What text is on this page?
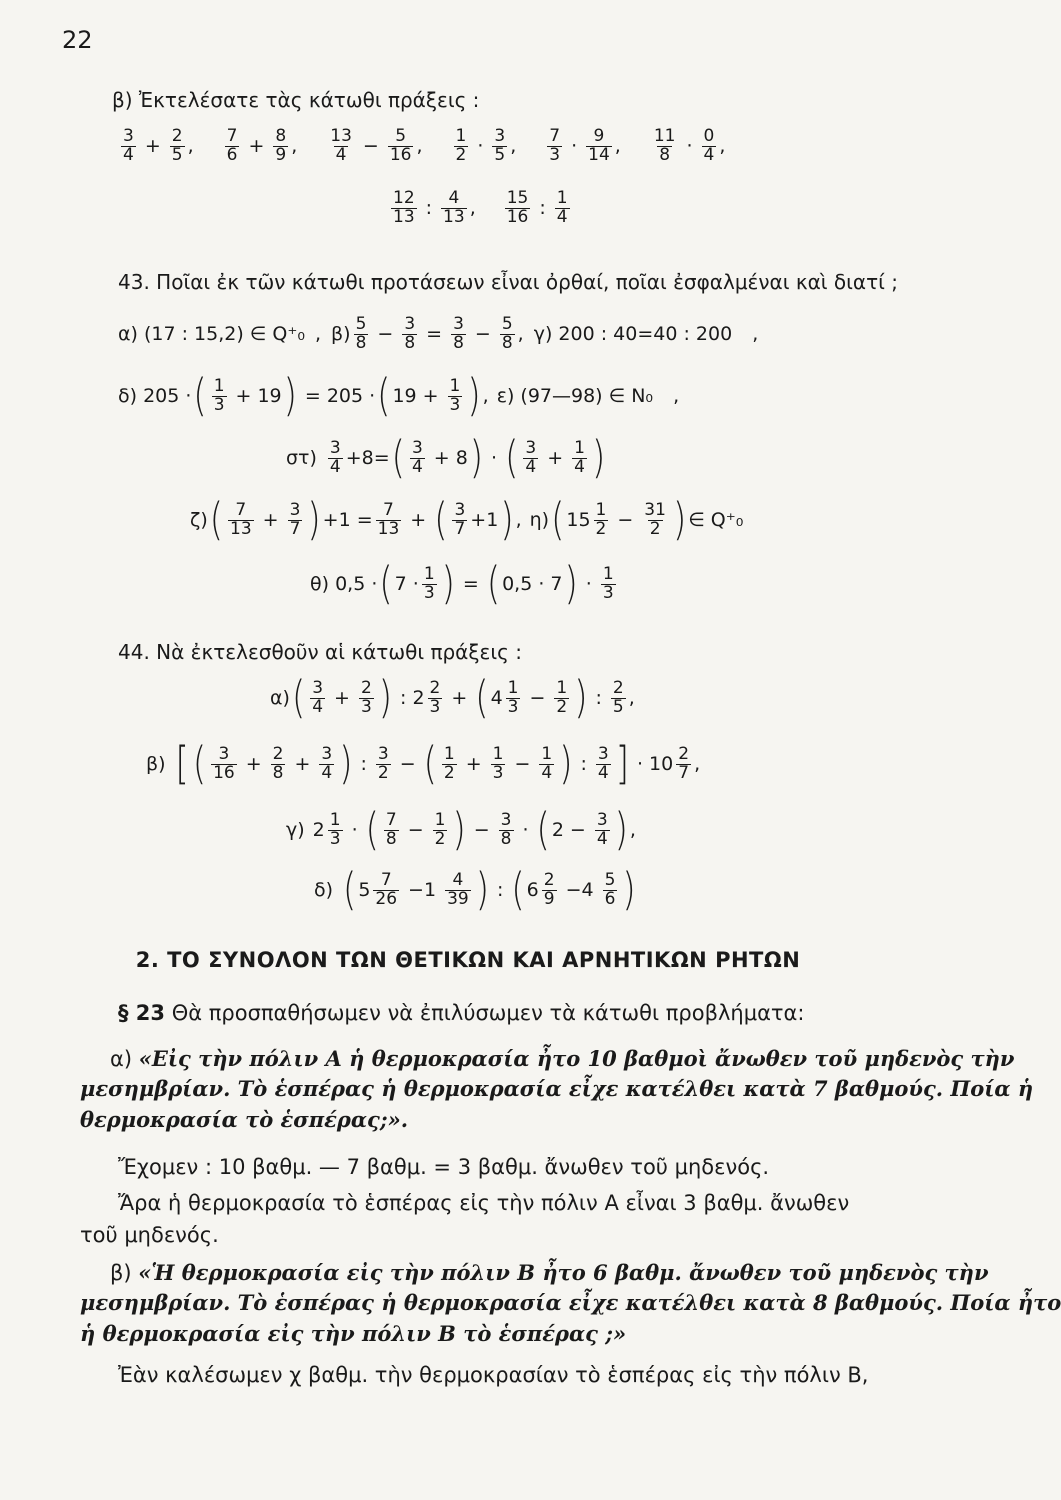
22
β) Ἐκτελέσατε τὰς κάτωθι πράξεις :
$\frac{3}{4} + \frac{2}{5}$ , $\frac{7}{6} + \frac{8}{9}$ , $\frac{13}{4} - \frac{5}{16}$ , $\frac{1}{2} \cdot \frac{3}{5}$ , $\frac{7}{3} \cdot \frac{9}{14}$ , $\frac{11}{8} \cdot \frac{0}{4}$ ,
$\frac{12}{13}$ : $\frac{4}{13}$ , $\frac{15}{16}$ : $\frac{1}{4}$
43. Ποῖαι ἐκ τῶν κάτωθι προτάσεων εἶναι ὀρθαί, ποῖαι ἐσφαλμέναι καὶ διατί ;
α) (17 : 15,2) ∈ Q⁺₀ , $\beta) \frac{5}{8} - \frac{3}{8} = \frac{3}{8} - \frac{5}{8}$ , γ) 200 : 40=40 : 200 ,
δ) 205 · ( $\frac{1}{3} + 19$ ) = 205 · ( $19 + \frac{1}{3}$ ) , ε) (97—98) ∈ N₀ ,
$\sigma\tau) \frac{3}{4} +8=$ ( $\frac{3}{4} + 8$ ) · ( $\frac{3}{4} + \frac{1}{4}$ )
ζ) ( $\frac{7}{13} + \frac{3}{7}$ ) $+1 = \frac{7}{13}$ + ( $\frac{3}{7} +1$ ) , η) ( $15 \frac{1}{2} - \frac{31}{2}$ ) ∈ Q⁺₀
θ) 0,5 · ( $7 \cdot \frac{1}{3}$ ) = ( 0,5 · 7 ) · $\frac{1}{3}$
44. Νὰ ἐκτελεσθοῦν αἱ κάτωθι πράξεις :
α) ( $\frac{3}{4} + \frac{2}{3}$ ) : $2 \frac{2}{3}$ + ( $4 \frac{1}{3} - \frac{1}{2}$ ) : $\frac{2}{5}$ ,
β) [ ( $\frac{3}{16} + \frac{2}{8} + \frac{3}{4}$ ) : $\frac{3}{2}$ − ( $\frac{1}{2} + \frac{1}{3} - \frac{1}{4}$ ) : $\frac{3}{4}$ ] · $10 \frac{2}{7}$ ,
γ) $2 \frac{1}{3}$ · ( $\frac{7}{8} - \frac{1}{2}$ ) − $\frac{3}{8}$ · ( $2 - \frac{3}{4}$ ) ,
δ) ( $5 \frac{7}{26} -1 \frac{4}{39}$ ) : ( $6 \frac{2}{9} -4 \frac{5}{6}$ )
2. ΤΟ ΣΥΝΟΛΟΝ ΤΩΝ ΘΕΤΙΚΩΝ ΚΑΙ ΑΡΝΗΤΙΚΩΝ ΡΗΤΩΝ
§ 23 Θὰ προσπαθήσωμεν νὰ ἐπιλύσωμεν τὰ κάτωθι προβλήματα:
α) «Εἰς τὴν πόλιν Α ἡ θερμοκρασία ἦτο 10 βαθμοὶ ἄνωθεν τοῦ μηδενὸς τὴν
μεσημβρίαν. Τὸ ἑσπέρας ἡ θερμοκρασία εἶχε κατέλθει κατὰ 7 βαθμούς. Ποία ἡ
θερμοκρασία τὸ ἑσπέρας;».
Ἔχομεν : 10 βαθμ. — 7 βαθμ. = 3 βαθμ. ἄνωθεν τοῦ μηδενός.
Ἄρα ἡ θερμοκρασία τὸ ἑσπέρας εἰς τὴν πόλιν Α εἶναι 3 βαθμ. ἄνωθεν
τοῦ μηδενός.
β) «Ἡ θερμοκρασία εἰς τὴν πόλιν Β ἦτο 6 βαθμ. ἄνωθεν τοῦ μηδενὸς τὴν
μεσημβρίαν. Τὸ ἑσπέρας ἡ θερμοκρασία εἶχε κατέλθει κατὰ 8 βαθμούς. Ποία ἦτο
ἡ θερμοκρασία εἰς τὴν πόλιν Β τὸ ἑσπέρας ;»
Ἐὰν καλέσωμεν χ βαθμ. τὴν θερμοκρασίαν τὸ ἑσπέρας εἰς τὴν πόλιν Β,
